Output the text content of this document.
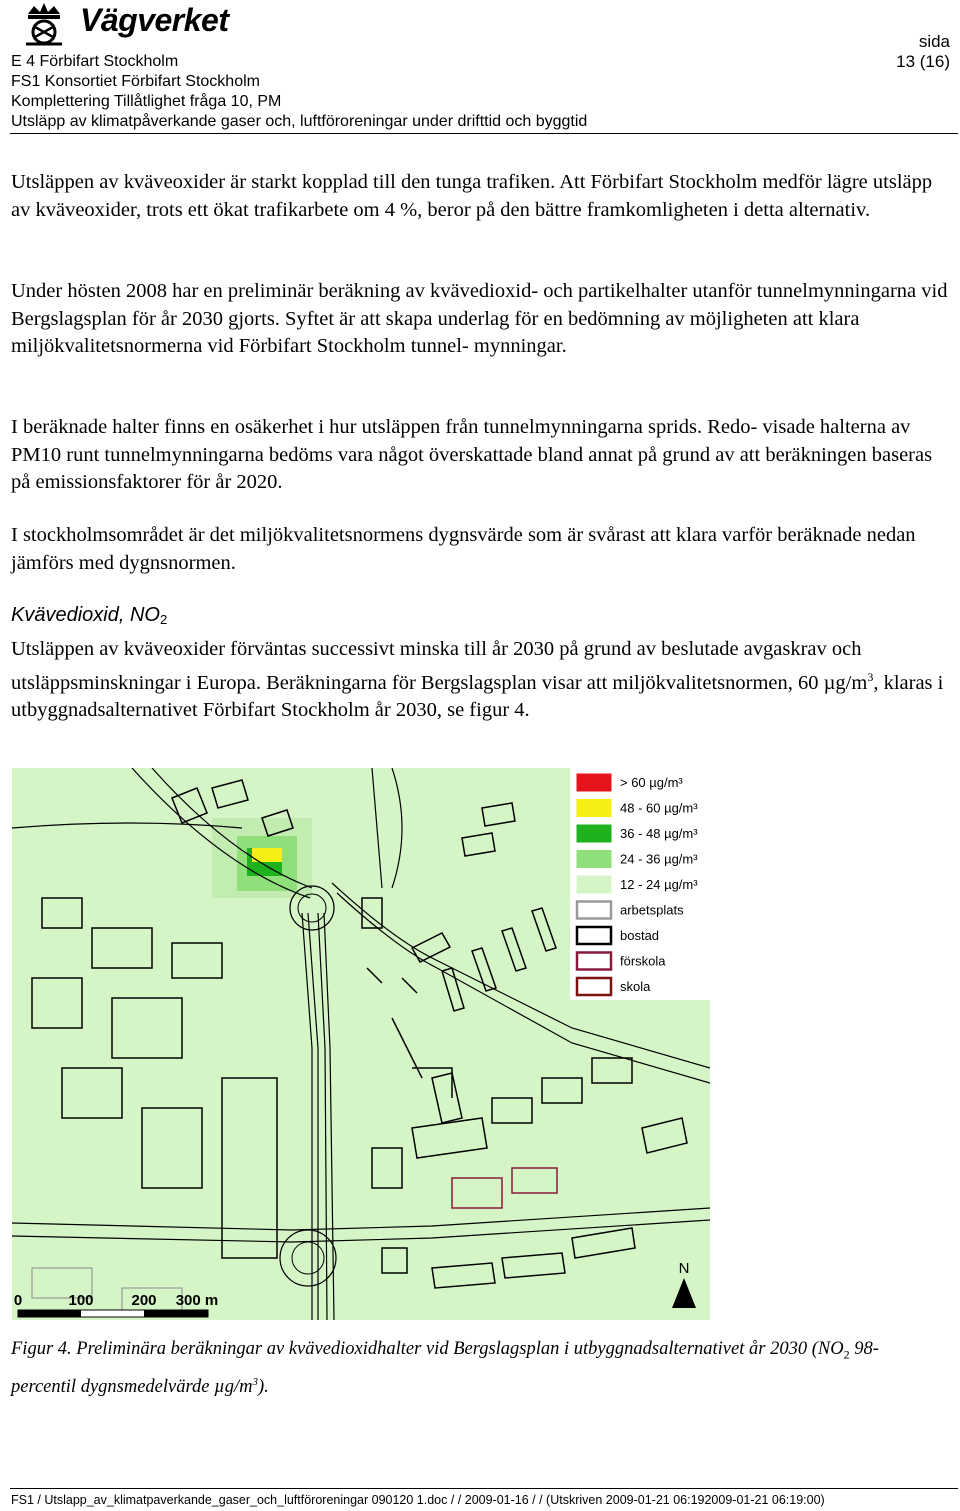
Vägverket
E 4 Förbifart Stockholm
FS1 Konsortiet Förbifart Stockholm
Komplettering Tillåtlighet fråga 10, PM
Utsläpp av klimatpåverkande gaser och, luftföroreningar under drifttid och byggtid
sida
13 (16)

Utsläppen av kväveoxider är starkt kopplad till den tunga trafiken. Att Förbifart Stockholm medför lägre utsläpp av kväveoxider, trots ett ökat trafikarbete om 4 %, beror på den bättre framkomligheten i detta alternativ.

Under hösten 2008 har en preliminär beräkning av kvävedioxid- och partikelhalter utanför tunnelmynningarna vid Bergslagsplan för år 2030 gjorts. Syftet är att skapa underlag för en bedömning av möjligheten att klara miljökvalitetsnormerna vid Förbifart Stockholm tunnel- mynningar.

I beräknade halter finns en osäkerhet i hur utsläppen från tunnelmynningarna sprids. Redo- visade halterna av PM10 runt tunnelmynningarna bedöms vara något överskattade bland annat på grund av att beräkningen baseras på emissionsfaktorer för år 2020.

I stockholmsområdet är det miljökvalitetsnormens dygnsvärde som är svårast att klara varför beräknade nedan jämförs med dygnsnormen.

Kvävedioxid, $NO_2$

Utsläppen av kväveoxider förväntas successivt minska till år 2030 på grund av beslutade avgaskrav och utsläppsminskningar i Europa. Beräkningarna för Bergslagsplan visar att miljökvalitetsnormen, 60 $\mu g/m^3$, klaras i utbyggnadsalternativet Förbifart Stockholm år 2030, se figur 4.

> 60 µg/m³
48 - 60 µg/m³
36 - 48 µg/m³
24 - 36 µg/m³
12 - 24 µg/m³
arbetsplats
bostad
förskola
skola
N
0	100	200 300 m
Figur 4. Preliminära beräkningar av kvävedioxidhalter vid Bergslagsplan i utbyggnadsalternativet år 2030 ($NO_2$ 98-percentil dygnsmedelvärde $\mu g/m^3$).
FS1 / Utslapp_av_klimatpaverkande_gaser_och_luftföroreningar 090120 1.doc / / 2009-01-16 / / (Utskriven 2009-01-21 06:192009-01-21 06:19:00)
